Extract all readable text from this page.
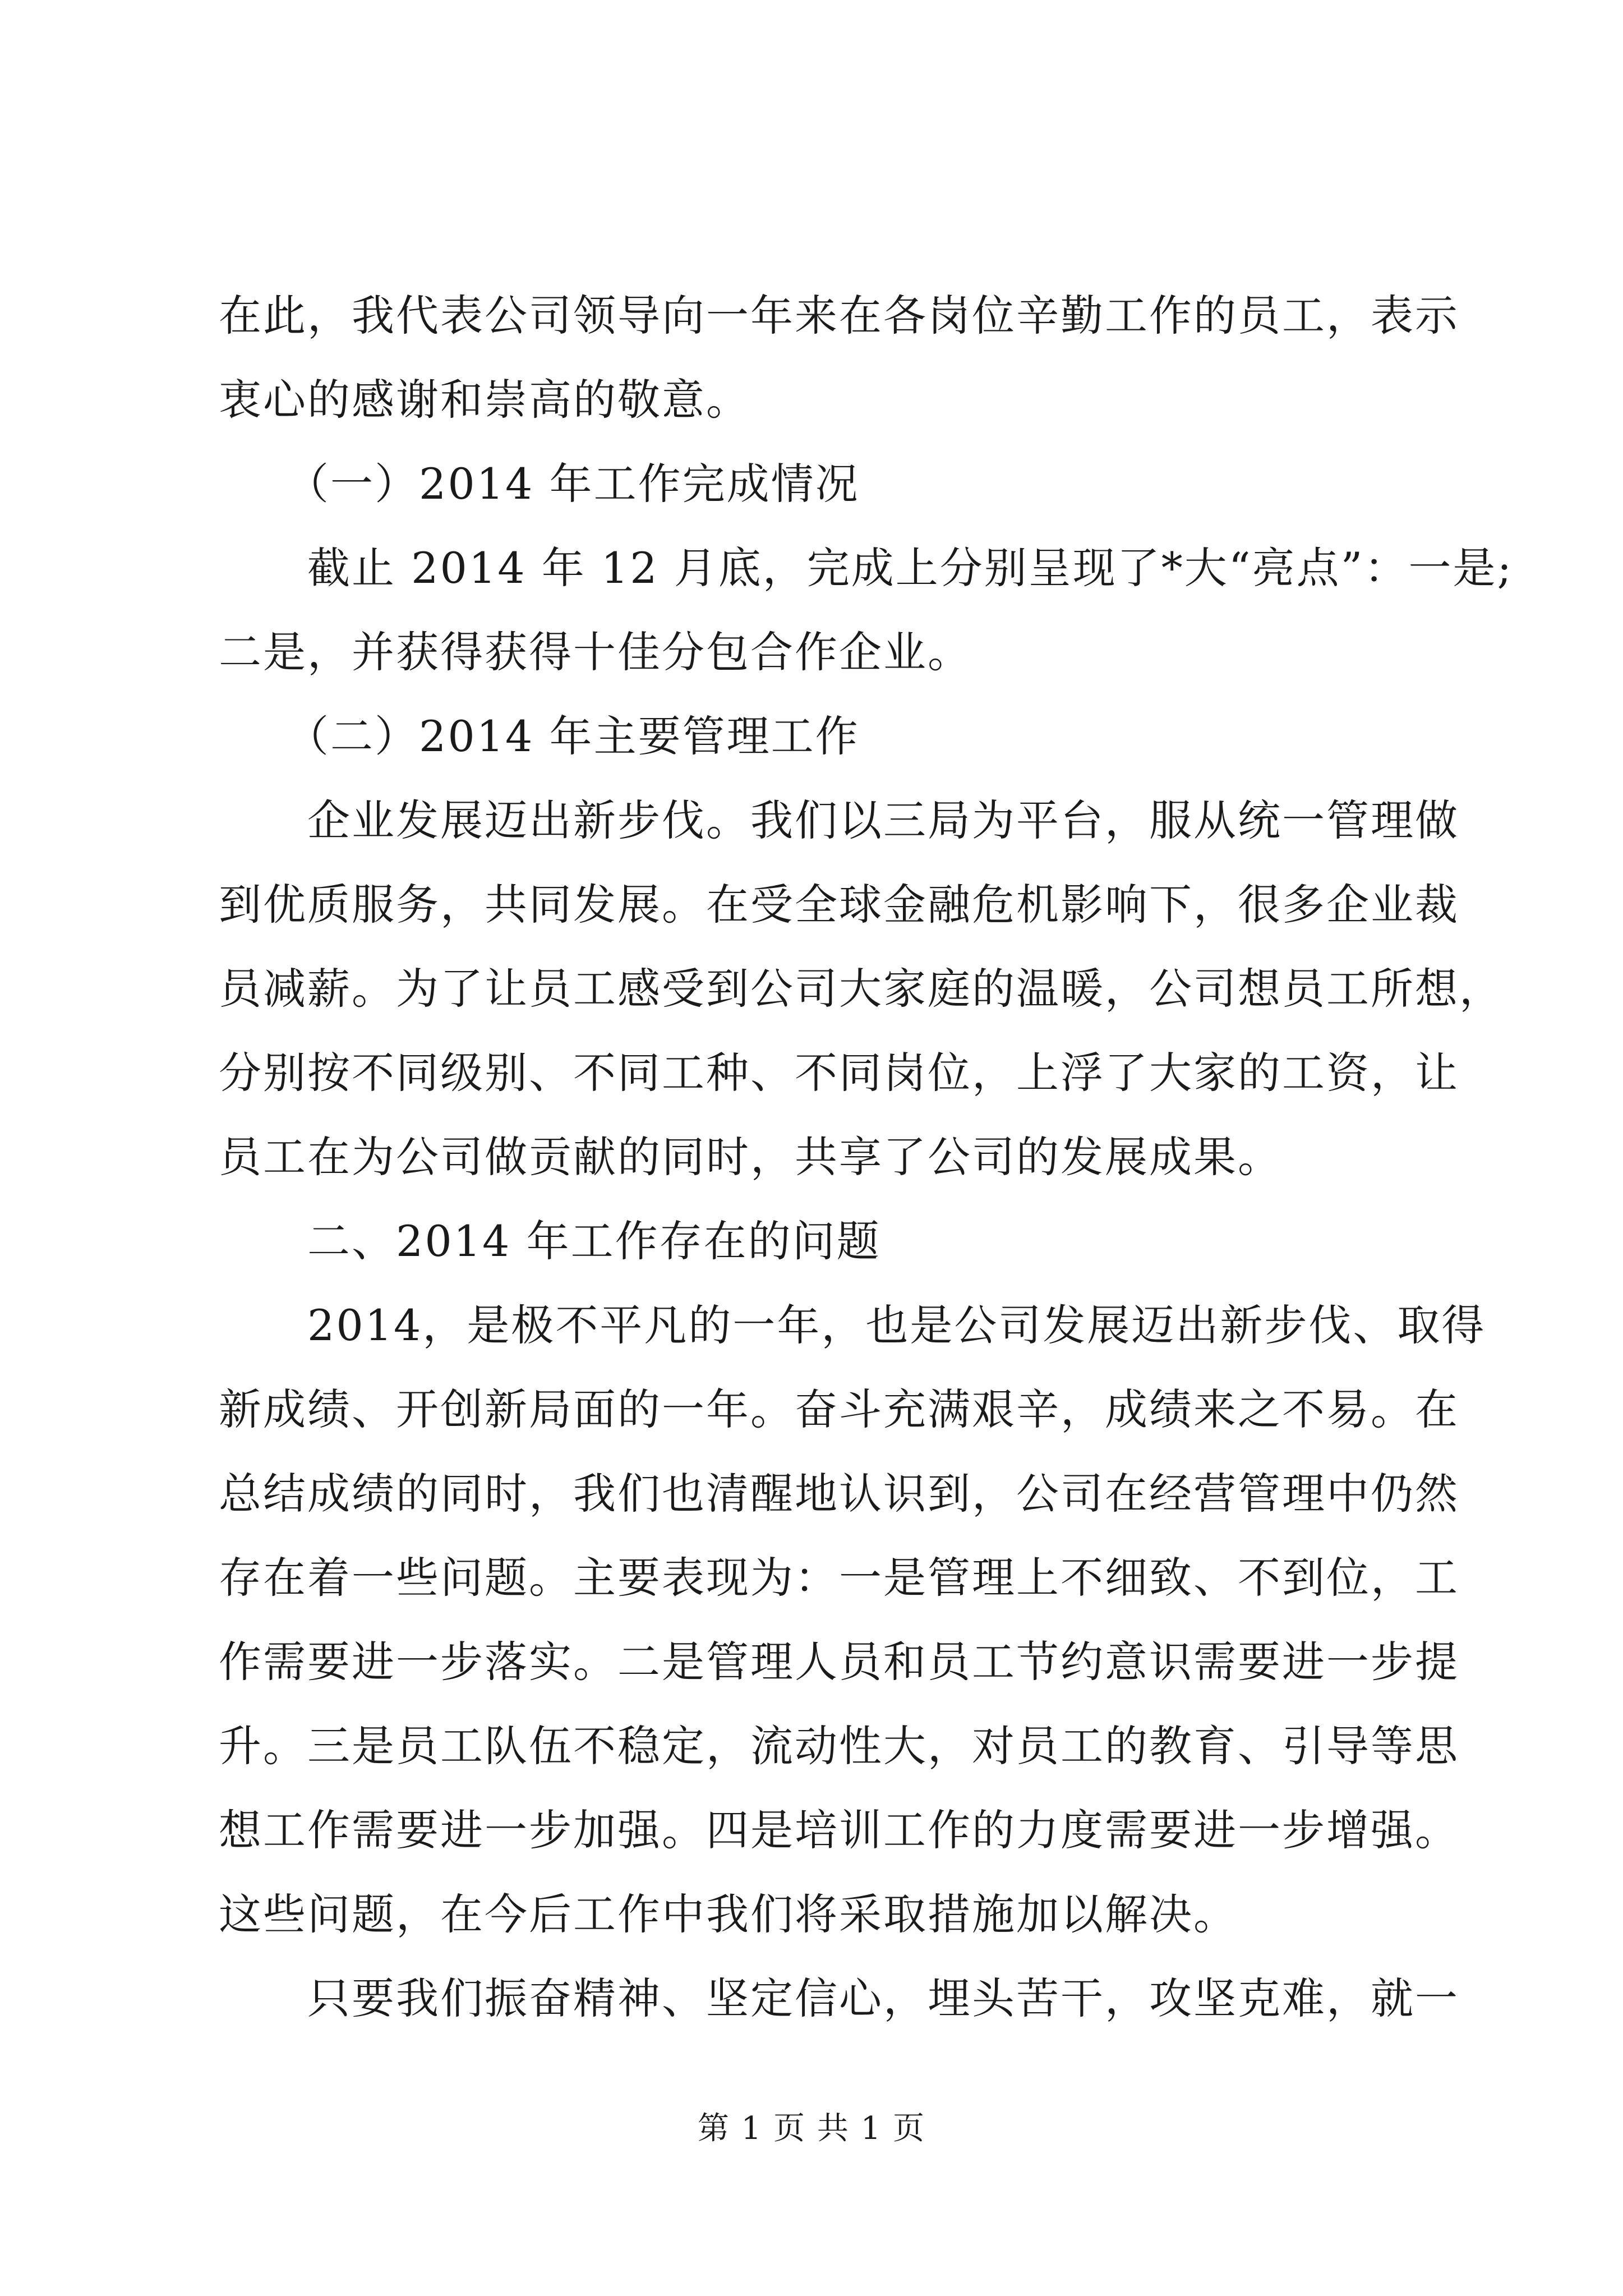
在此，我代表公司领导向一年来在各岗位辛勤工作的员工，表示
衷心的感谢和崇高的敬意。
　　（一）2014 年工作完成情况
　　截止 2014 年 12 月底，完成上分别呈现了*大“亮点”：一是;
二是，并获得获得十佳分包合作企业。
　　（二）2014 年主要管理工作
　　企业发展迈出新步伐。我们以三局为平台，服从统一管理做
到优质服务，共同发展。在受全球金融危机影响下，很多企业裁
员减薪。为了让员工感受到公司大家庭的温暖，公司想员工所想，
分别按不同级别、不同工种、不同岗位，上浮了大家的工资，让
员工在为公司做贡献的同时，共享了公司的发展成果。
　　二、2014 年工作存在的问题
　　2014，是极不平凡的一年，也是公司发展迈出新步伐、取得
新成绩、开创新局面的一年。奋斗充满艰辛，成绩来之不易。在
总结成绩的同时，我们也清醒地认识到，公司在经营管理中仍然
存在着一些问题。主要表现为：一是管理上不细致、不到位，工
作需要进一步落实。二是管理人员和员工节约意识需要进一步提
升。三是员工队伍不稳定，流动性大，对员工的教育、引导等思
想工作需要进一步加强。四是培训工作的力度需要进一步增强。
这些问题，在今后工作中我们将采取措施加以解决。
　　只要我们振奋精神、坚定信心，埋头苦干，攻坚克难，就一
第 1 页 共 1 页
